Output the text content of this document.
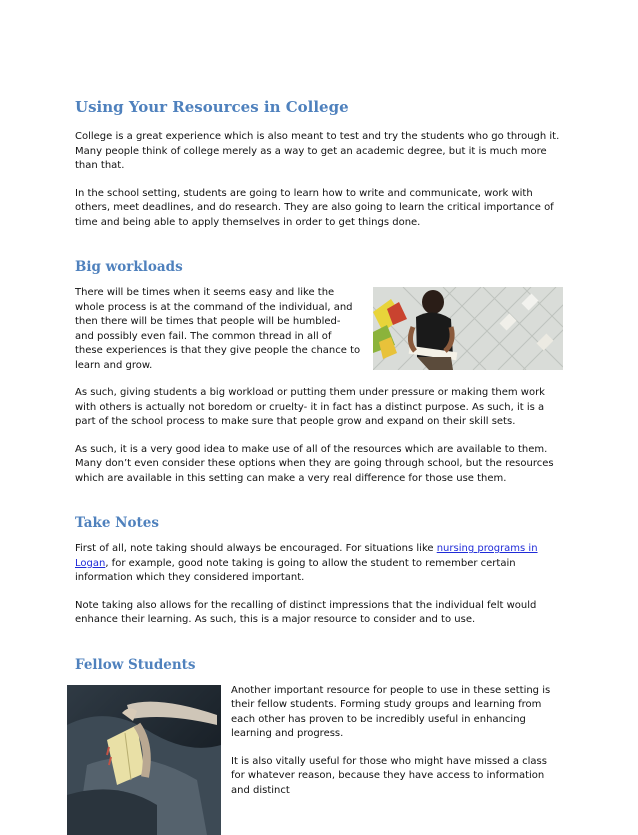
Using Your Resources in College

College is a great experience which is also meant to test and try the students who go through it. Many people think of college merely as a way to get an academic degree, but it is much more than that.

In the school setting, students are going to learn how to write and communicate, work with others, meet deadlines, and do research. They are also going to learn the critical importance of time and being able to apply themselves in order to get things done.

Big workloads

There will be times when it seems easy and like the whole process is at the command of the individual, and then there will be times that people will be humbled- and possibly even fail. The common thread in all of these experiences is that they give people the chance to learn and grow.

As such, giving students a big workload or putting them under pressure or making them work with others is actually not boredom or cruelty- it in fact has a distinct purpose. As such, it is a part of the school process to make sure that people grow and expand on their skill sets.

As such, it is a very good idea to make use of all of the resources which are available to them. Many don’t even consider these options when they are going through school, but the resources which are available in this setting can make a very real difference for those use them.

Take Notes

First of all, note taking should always be encouraged. For situations like nursing programs in Logan, for example, good note taking is going to allow the student to remember certain information which they considered important.

Note taking also allows for the recalling of distinct impressions that the individual felt would enhance their learning. As such, this is a major resource to consider and to use.

Fellow Students

Another important resource for people to use in these setting is their fellow students. Forming study groups and learning from each other has proven to be incredibly useful in enhancing learning and progress.

It is also vitally useful for those who might have missed a class for whatever reason, because they have access to information and distinct
